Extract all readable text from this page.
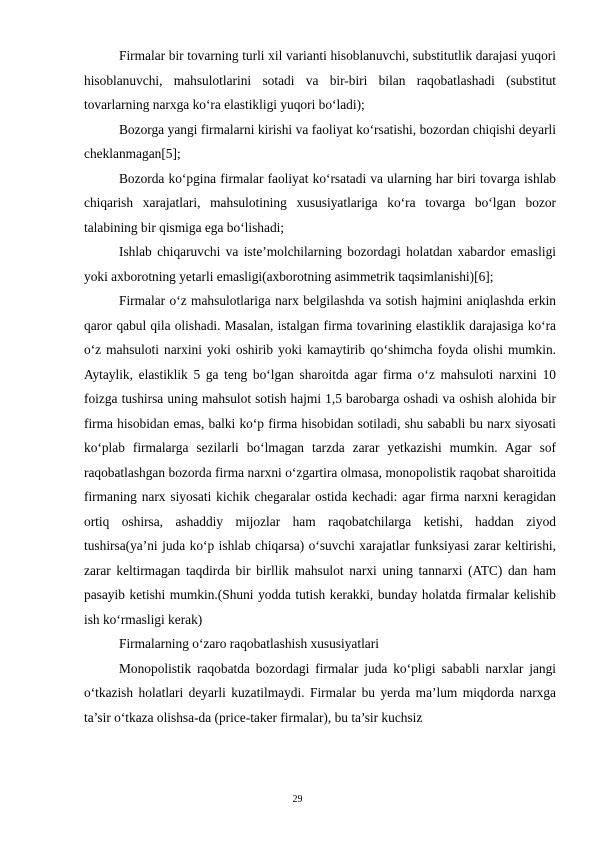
Firmalar bir tovarning turli xil varianti hisoblanuvchi, substitutlik darajasi yuqori hisoblanuvchi, mahsulotlarini sotadi va bir-biri bilan raqobatlashadi (substitut tovarlarning narxga ko‘ra elastikligi yuqori bo‘ladi);

Bozorga yangi firmalarni kirishi va faoliyat ko‘rsatishi, bozordan chiqishi deyarli cheklanmagan[5];

Bozorda ko‘pgina firmalar faoliyat ko‘rsatadi va ularning har biri tovarga ishlab chiqarish xarajatlari, mahsulotining xususiyatlariga ko‘ra tovarga bo‘lgan bozor talabining bir qismiga ega bo‘lishadi;

Ishlab chiqaruvchi va iste’molchilarning bozordagi holatdan xabardor emasligi yoki axborotning yetarli emasligi(axborotning asimmetrik taqsimlanishi)[6];

Firmalar o‘z mahsulotlariga narx belgilashda va sotish hajmini aniqlashda erkin qaror qabul qila olishadi. Masalan, istalgan firma tovarining elastiklik darajasiga ko‘ra o‘z mahsuloti narxini yoki oshirib yoki kamaytirib qo‘shimcha foyda olishi mumkin. Aytaylik, elastiklik 5 ga teng bo‘lgan sharoitda agar firma o‘z mahsuloti narxini 10 foizga tushirsa uning mahsulot sotish hajmi 1,5 barobarga oshadi va oshish alohida bir firma hisobidan emas, balki ko‘p firma hisobidan sotiladi, shu sababli bu narx siyosati ko‘plab firmalarga sezilarli bo‘lmagan tarzda zarar yetkazishi mumkin. Agar sof raqobatlashgan bozorda firma narxni o‘zgartira olmasa, monopolistik raqobat sharoitida firmaning narx siyosati kichik chegaralar ostida kechadi: agar firma narxni keragidan ortiq oshirsa, ashaddiy mijozlar ham raqobatchilarga ketishi, haddan ziyod tushirsa(ya’ni juda ko‘p ishlab chiqarsa) o‘suvchi xarajatlar funksiyasi zarar keltirishi, zarar keltirmagan taqdirda bir birllik mahsulot narxi uning tannarxi (ATC) dan ham pasayib ketishi mumkin.(Shuni yodda tutish kerakki, bunday holatda firmalar kelishib ish ko‘rmasligi kerak)

Firmalarning o‘zaro raqobatlashish xususiyatlari

Monopolistik raqobatda bozordagi firmalar juda ko‘pligi sababli narxlar jangi o‘tkazish holatlari deyarli kuzatilmaydi. Firmalar bu yerda ma’lum miqdorda narxga ta’sir o‘tkaza olishsa-da (price-taker firmalar), bu ta’sir kuchsiz

29
